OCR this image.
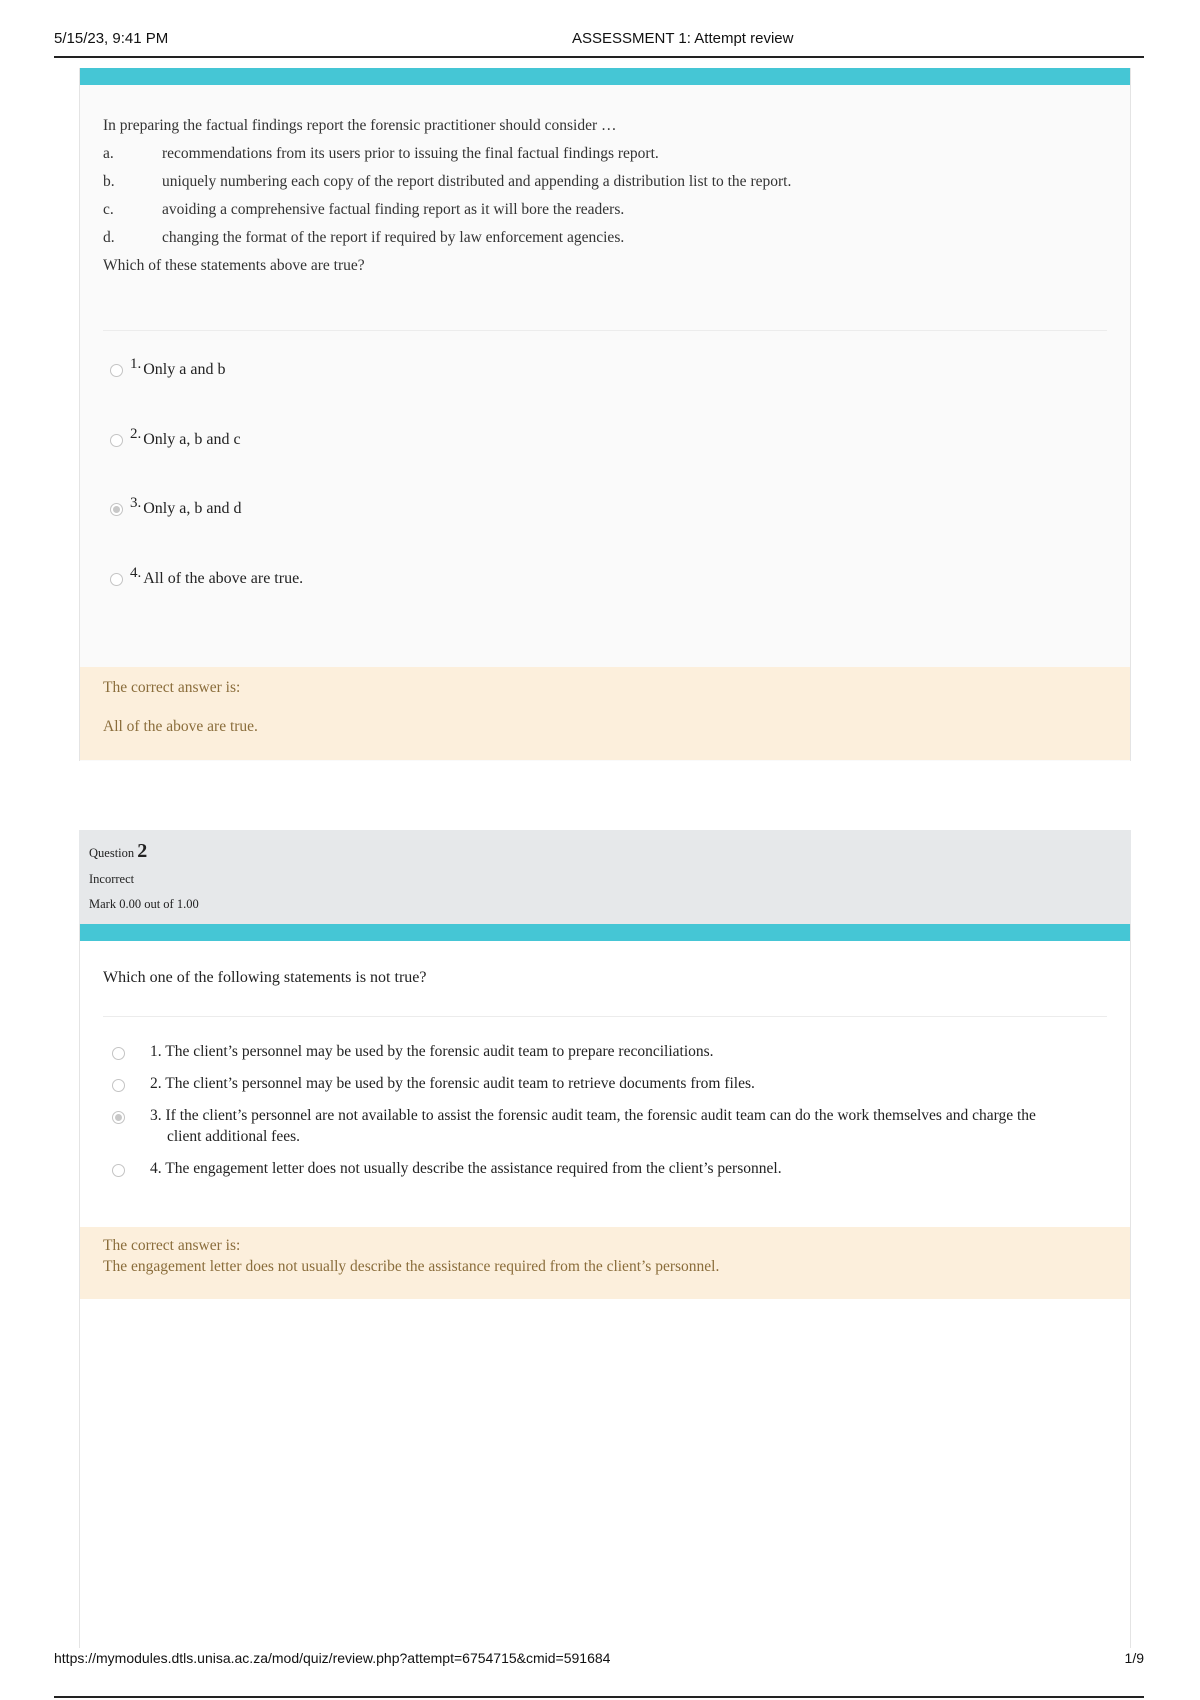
5/15/23, 9:41 PM	ASSESSMENT 1: Attempt review
In preparing the factual findings report the forensic practitioner should consider …
a.	recommendations from its users prior to issuing the final factual findings report.
b.	uniquely numbering each copy of the report distributed and appending a distribution list to the report.
c.	avoiding a comprehensive factual finding report as it will bore the readers.
d.	changing the format of the report if required by law enforcement agencies.
Which of these statements above are true?
1. Only a and b
2. Only a, b and c
3. Only a, b and d
4. All of the above are true.
The correct answer is:
All of the above are true.
Question 2
Incorrect
Mark 0.00 out of 1.00
Which one of the following statements is not true?
1. The client’s personnel may be used by the forensic audit team to prepare reconciliations.
2. The client’s personnel may be used by the forensic audit team to retrieve documents from files.
3. If the client’s personnel are not available to assist the forensic audit team, the forensic audit team can do the work themselves and charge the client additional fees.
4. The engagement letter does not usually describe the assistance required from the client’s personnel.
The correct answer is:
The engagement letter does not usually describe the assistance required from the client’s personnel.
https://mymodules.dtls.unisa.ac.za/mod/quiz/review.php?attempt=6754715&cmid=591684	1/9
